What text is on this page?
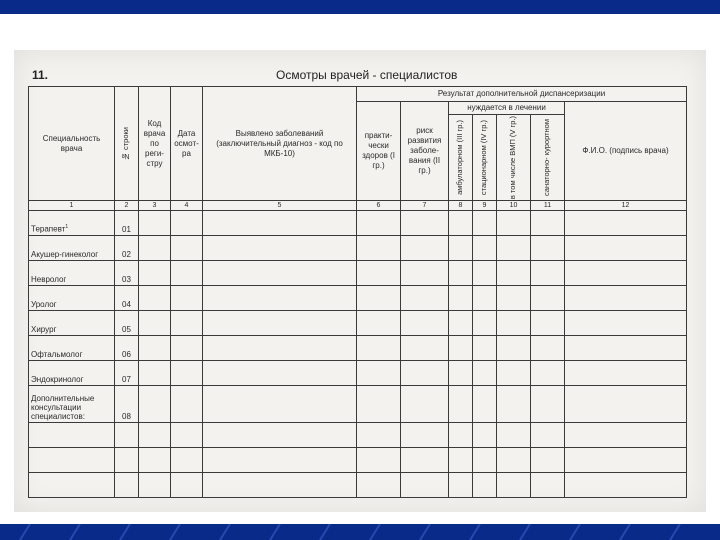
11.	Осмотры врачей - специалистов
Специальность врача	№ строки	Код врача по реги- стру	Дата осмот- ра	Выявлено заболеваний (заключительный диагноз - код по МКБ-10)	Результат дополнительной диспансеризации						
					практи- чески здоров (I гр.)	риск развития заболе- вания (II гр.)	нуждается в лечении				Ф.И.О. (подпись врача)

							амбулаторном (III гр.)	стационарном (IV гр.)	в том числе ВМП (V гр.)	санаторно- курортном	

1	2	3	4	5	6	7	8	9	10	11	12
Терапевт$^1$	01										
Акушер-гинеколог	02										
Невролог	03										
Уролог	04										
Хирург	05										
Офтальмолог	06										
Эндокринолог	07										
Дополнительные консультации специалистов:	08										
